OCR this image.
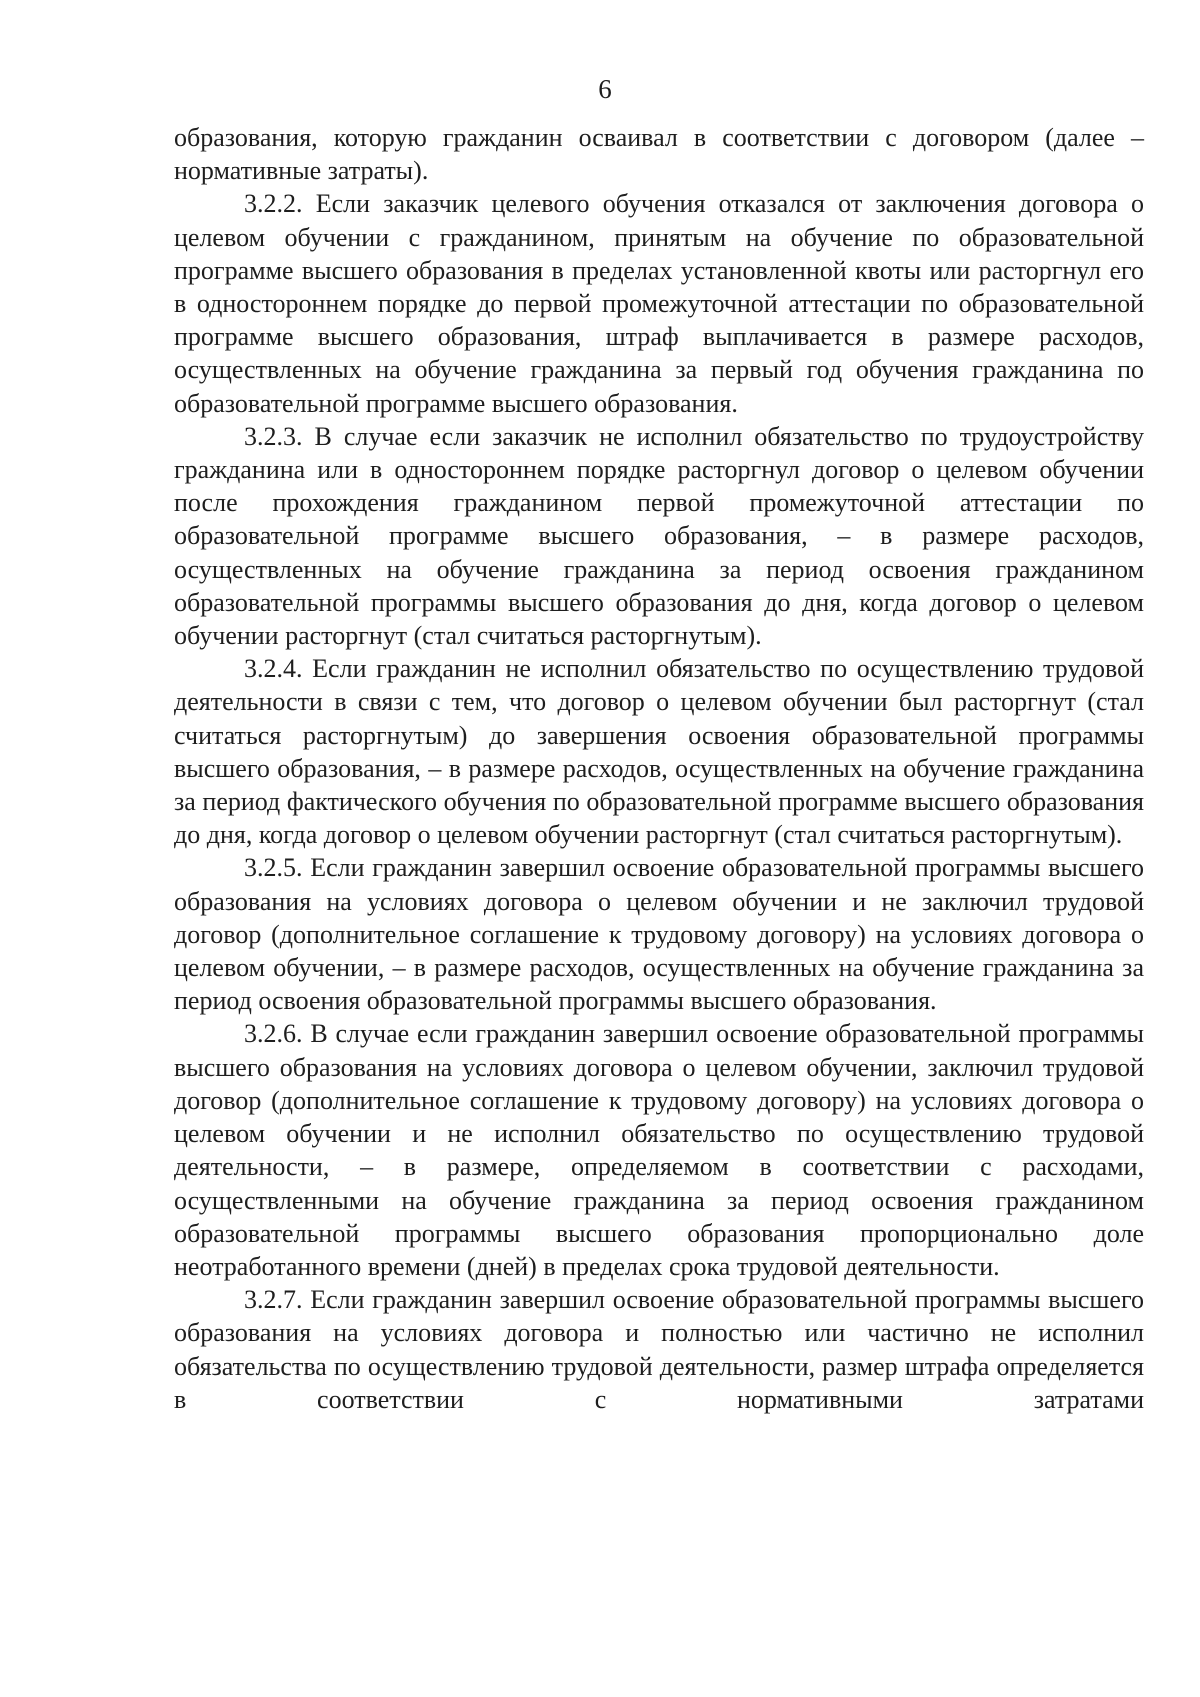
6

образования, которую гражданин осваивал в соответствии с договором (далее – нормативные затраты).

3.2.2. Если заказчик целевого обучения отказался от заключения договора о целевом обучении с гражданином, принятым на обучение по образовательной программе высшего образования в пределах установленной квоты или расторгнул его в одностороннем порядке до первой промежуточной аттестации по образовательной программе высшего образования, штраф выплачивается в размере расходов, осуществленных на обучение гражданина за первый год обучения гражданина по образовательной программе высшего образования.

3.2.3. В случае если заказчик не исполнил обязательство по трудоустройству гражданина или в одностороннем порядке расторгнул договор о целевом обучении после прохождения гражданином первой промежуточной аттестации по образовательной программе высшего образования, – в размере расходов, осуществленных на обучение гражданина за период освоения гражданином образовательной программы высшего образования до дня, когда договор о целевом обучении расторгнут (стал считаться расторгнутым).

3.2.4. Если гражданин не исполнил обязательство по осуществлению трудовой деятельности в связи с тем, что договор о целевом обучении был расторгнут (стал считаться расторгнутым) до завершения освоения образовательной программы высшего образования, – в размере расходов, осуществленных на обучение гражданина за период фактического обучения по образовательной программе высшего образования до дня, когда договор о целевом обучении расторгнут (стал считаться расторгнутым).

3.2.5. Если гражданин завершил освоение образовательной программы высшего образования на условиях договора о целевом обучении и не заключил трудовой договор (дополнительное соглашение к трудовому договору) на условиях договора о целевом обучении, – в размере расходов, осуществленных на обучение гражданина за период освоения образовательной программы высшего образования.

3.2.6. В случае если гражданин завершил освоение образовательной программы высшего образования на условиях договора о целевом обучении, заключил трудовой договор (дополнительное соглашение к трудовому договору) на условиях договора о целевом обучении и не исполнил обязательство по осуществлению трудовой деятельности, – в размере, определяемом в соответствии с расходами, осуществленными на обучение гражданина за период освоения гражданином образовательной программы высшего образования пропорционально доле неотработанного времени (дней) в пределах срока трудовой деятельности.

3.2.7. Если гражданин завершил освоение образовательной программы высшего образования на условиях договора и полностью или частично не исполнил обязательства по осуществлению трудовой деятельности, размер штрафа определяется в соответствии с нормативными затратами
